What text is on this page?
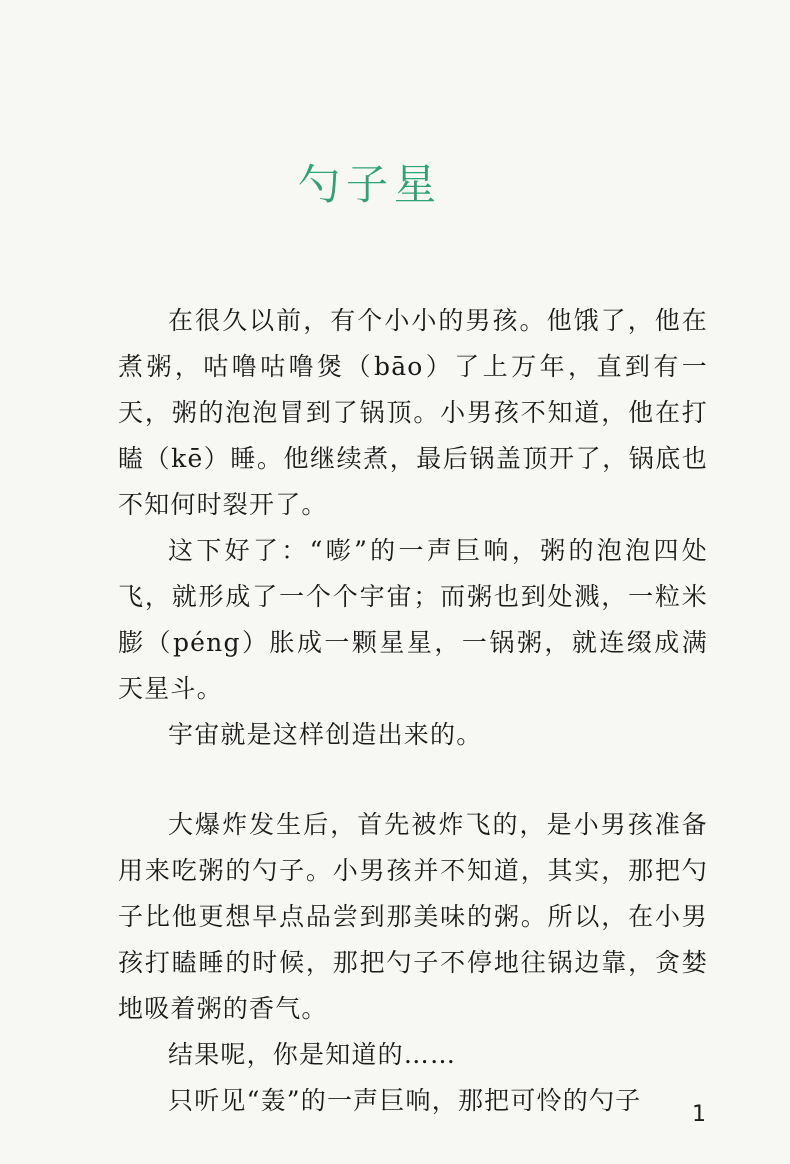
勺子星

在很久以前，有个小小的男孩。他饿了，他在煮粥，咕噜咕噜煲（bāo）了上万年，直到有一天，粥的泡泡冒到了锅顶。小男孩不知道，他在打瞌（kē）睡。他继续煮，最后锅盖顶开了，锅底也不知何时裂开了。

这下好了：“嘭”的一声巨响，粥的泡泡四处飞，就形成了一个个宇宙；而粥也到处溅，一粒米膨（péng）胀成一颗星星，一锅粥，就连缀成满天星斗。

宇宙就是这样创造出来的。

大爆炸发生后，首先被炸飞的，是小男孩准备用来吃粥的勺子。小男孩并不知道，其实，那把勺子比他更想早点品尝到那美味的粥。所以，在小男孩打瞌睡的时候，那把勺子不停地往锅边靠，贪婪地吸着粥的香气。

结果呢，你是知道的……

只听见“轰”的一声巨响，那把可怜的勺子	1
